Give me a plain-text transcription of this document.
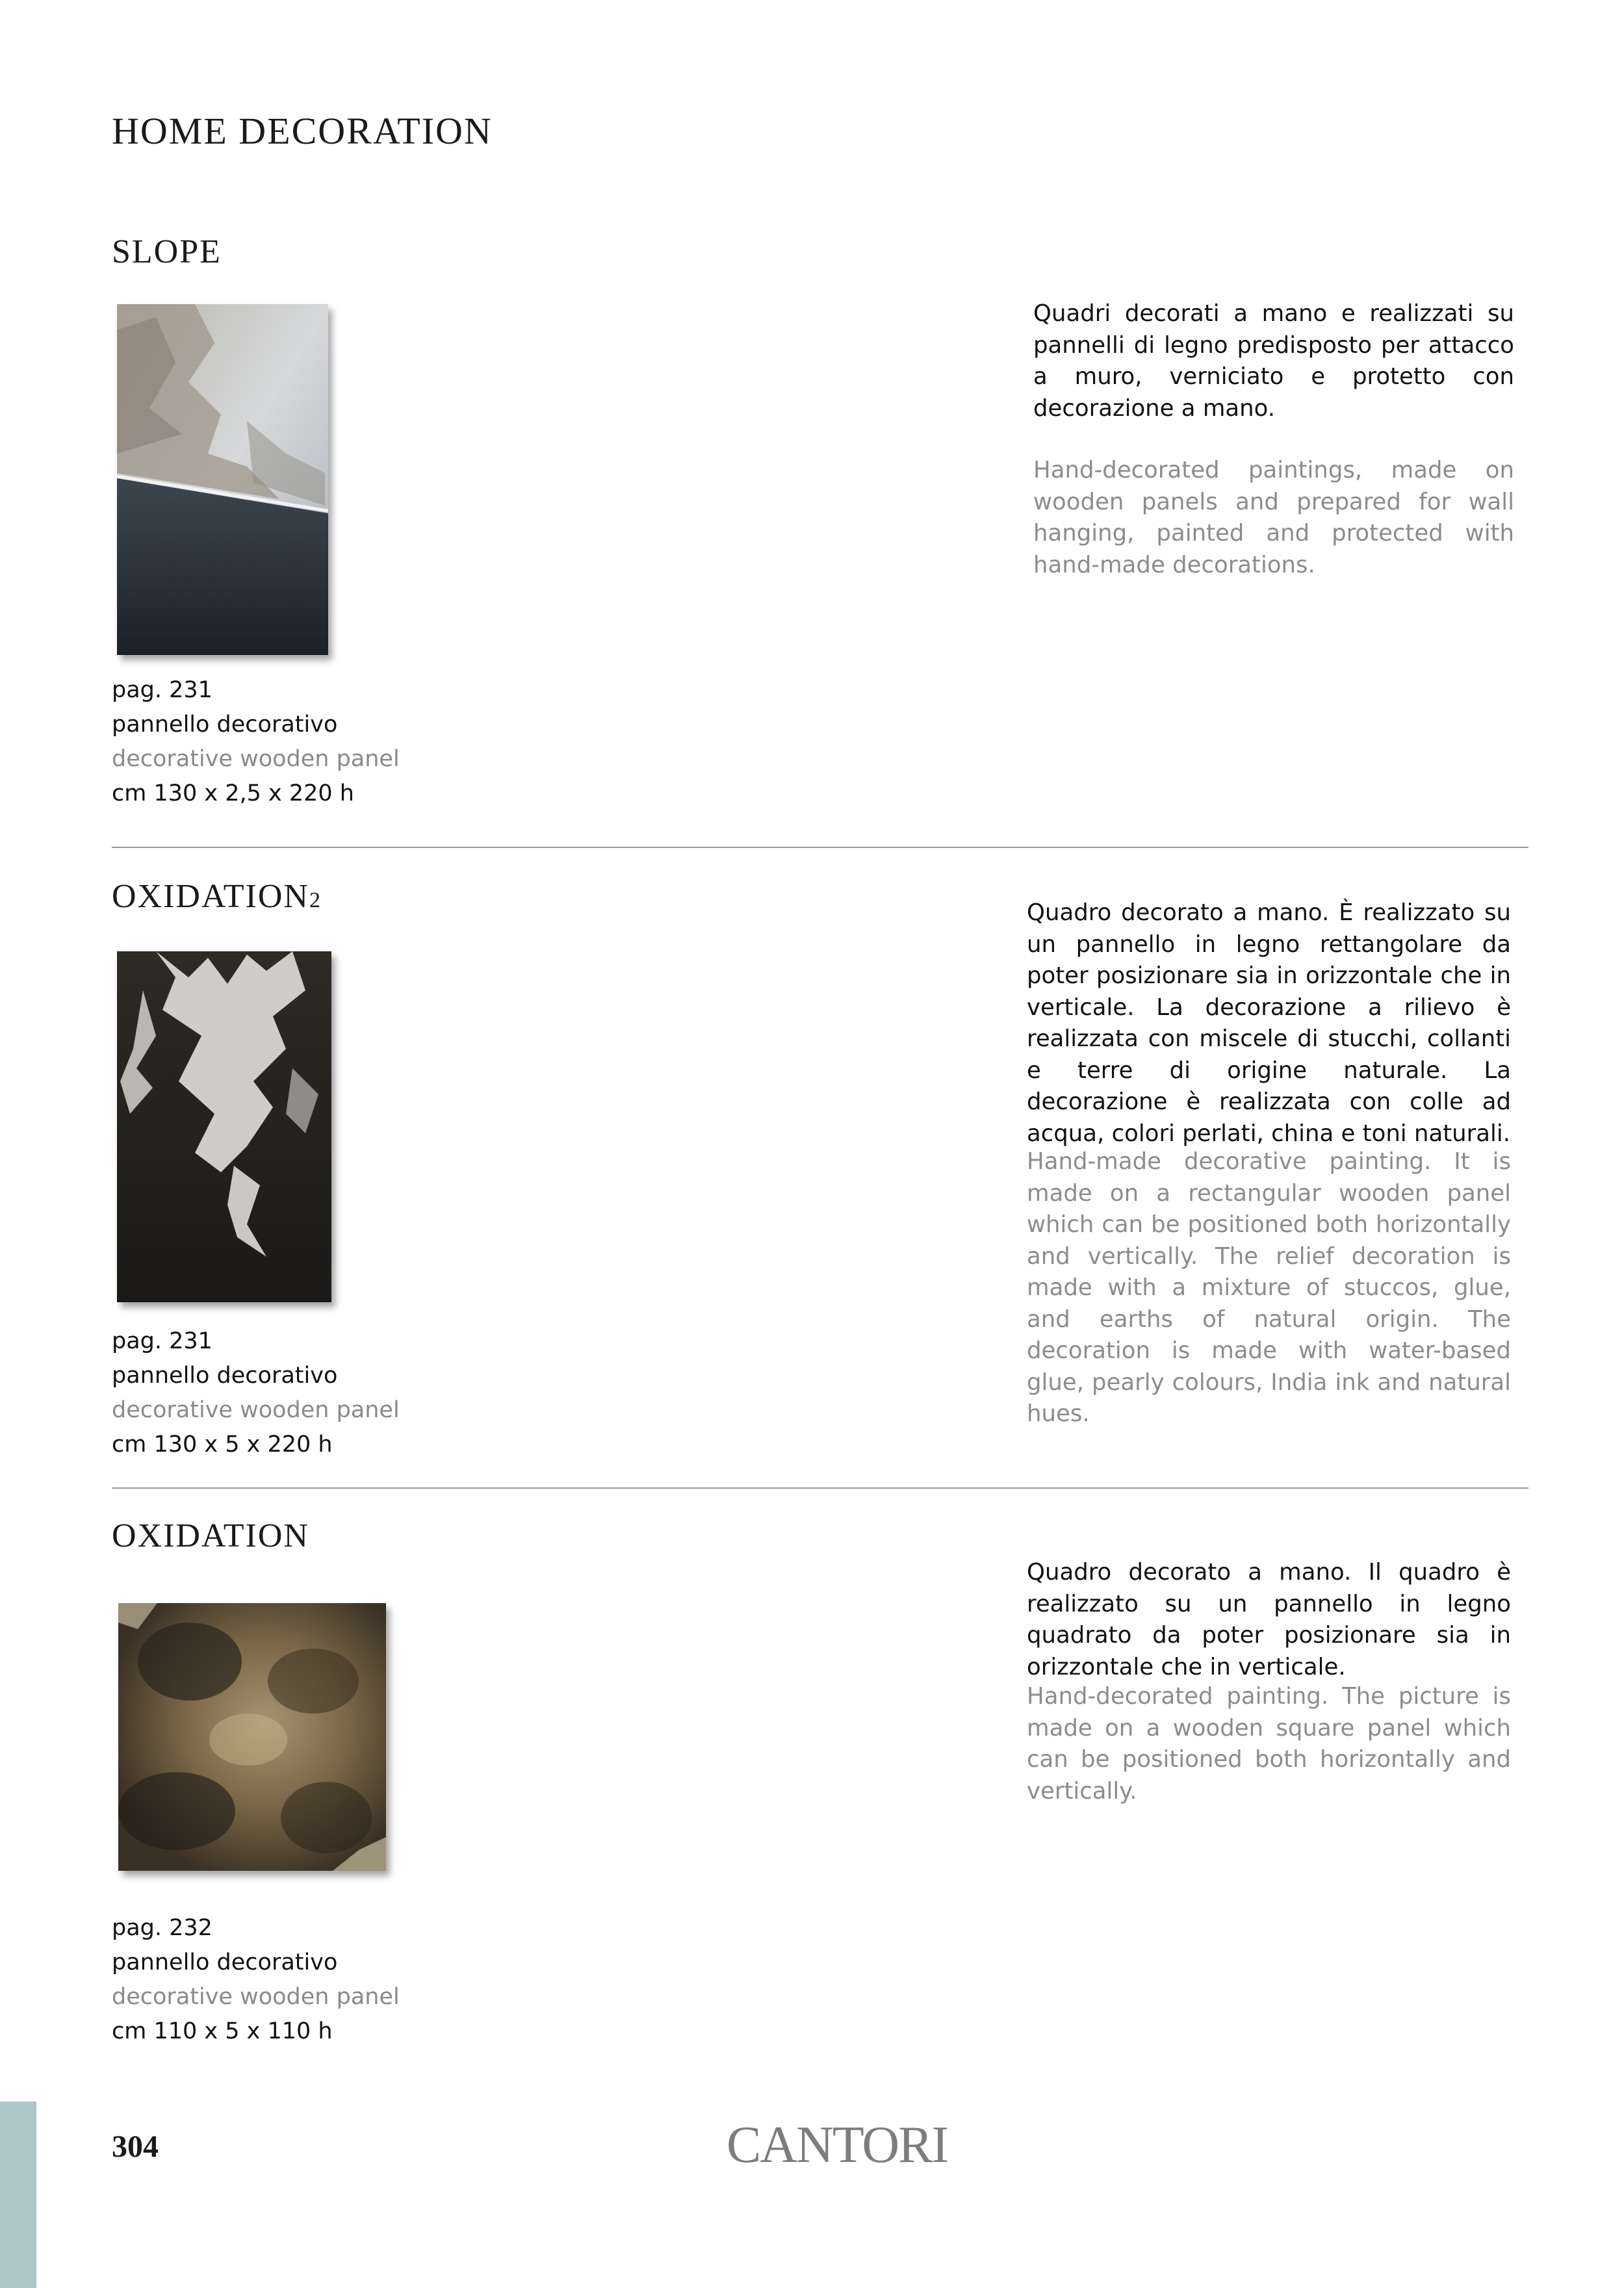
HOME DECORATION
SLOPE
pag. 231
pannello decorativo
decorative wooden panel
cm 130 x 2,5 x 220 h

Quadri decorati a mano e realizzati su pannelli di legno predisposto per attacco a muro, verniciato e protetto con decorazione a mano.

Hand-decorated paintings, made on wooden panels and prepared for wall hanging, painted and protected with hand-made decorations.

OXIDATION2
pag. 231
pannello decorativo
decorative wooden panel
cm 130 x 5 x 220 h

Quadro decorato a mano. È realizzato su un pannello in legno rettangolare da poter posizionare sia in orizzontale che in verticale. La decorazione a rilievo è realizzata con miscele di stucchi, collanti e terre di origine naturale. La decorazione è realizzata con colle ad acqua, colori perlati, china e toni naturali.

Hand-made decorative painting. It is made on a rectangular wooden panel which can be positioned both horizontally and vertically. The relief decoration is made with a mixture of stuccos, glue, and earths of natural origin. The decoration is made with water-based glue, pearly colours, India ink and natural hues.

OXIDATION
pag. 232
pannello decorativo
decorative wooden panel
cm 110 x 5 x 110 h

Quadro decorato a mano. Il quadro è realizzato su un pannello in legno quadrato da poter posizionare sia in orizzontale che in verticale.

Hand-decorated painting. The picture is made on a wooden square panel which can be positioned both horizontally and vertically.

304	CANTORI
